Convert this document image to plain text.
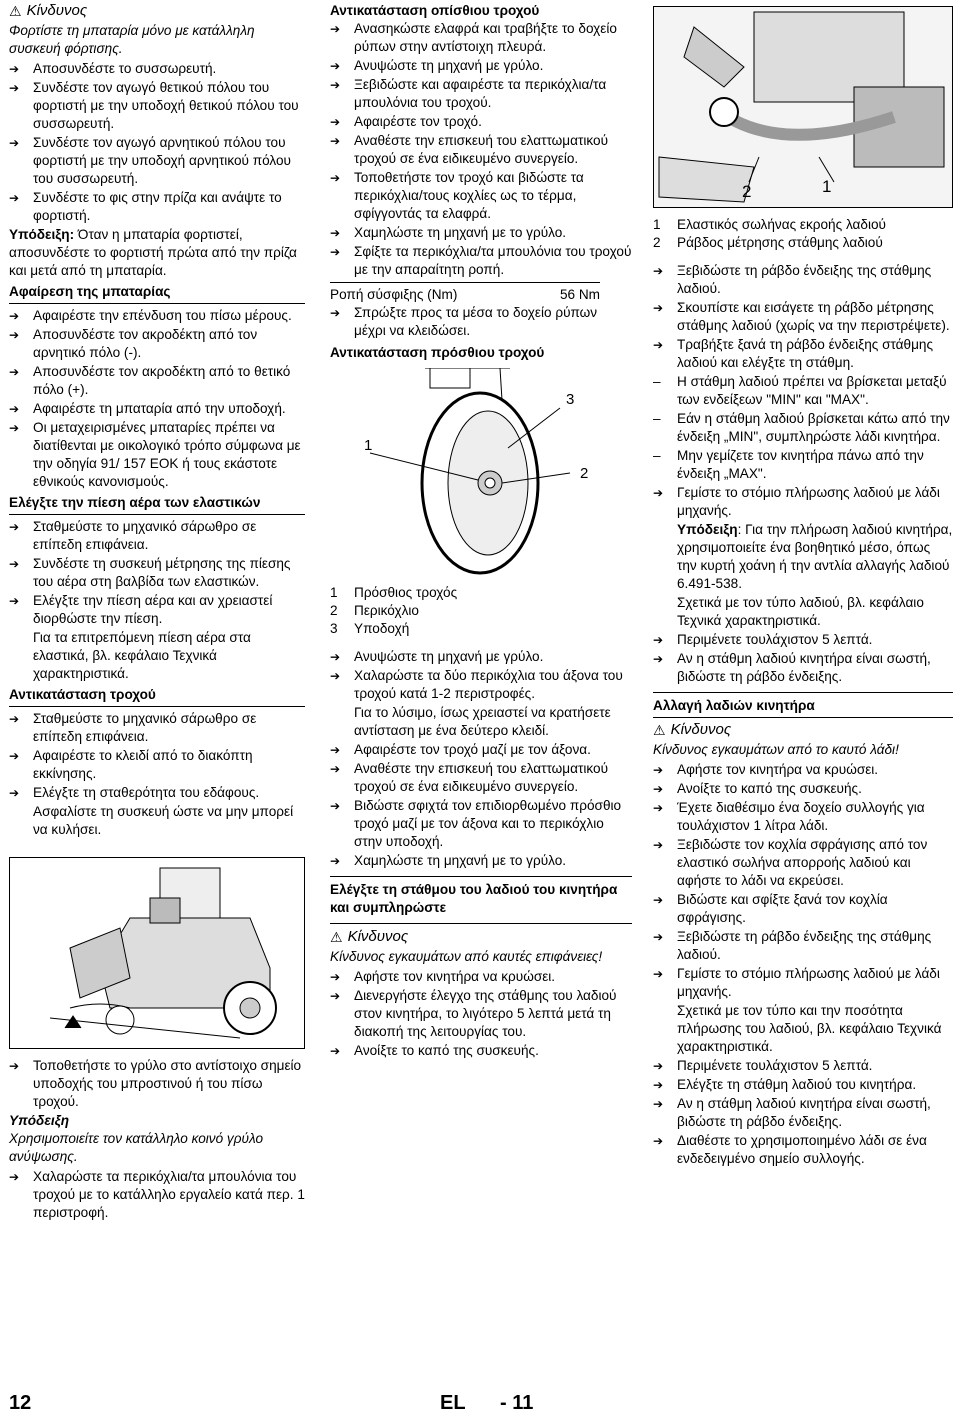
⚠ Κίνδυνος
Φορτίστε τη μπαταρία μόνο με κατάλληλη συσκευή φόρτισης.
➔	Αποσυνδέστε το συσσωρευτή.
➔	Συνδέστε τον αγωγό θετικού πόλου του φορτιστή με την υποδοχή θετικού πόλου του συσσωρευτή.
➔	Συνδέστε τον αγωγό αρνητικού πόλου του φορτιστή με την υποδοχή αρνητικού πόλου του συσσωρευτή.
➔	Συνδέστε το φις στην πρίζα και ανάψτε το φορτιστή.
Υπόδειξη: Όταν η μπαταρία φορτιστεί, αποσυνδέστε το φορτιστή πρώτα από την πρίζα και μετά από τη μπαταρία.
Αφαίρεση της μπαταρίας
➔	Αφαιρέστε την επένδυση του πίσω μέρους.
➔	Αποσυνδέστε τον ακροδέκτη από τον αρνητικό πόλο (-).
➔	Αποσυνδέστε τον ακροδέκτη από το θετικό πόλο (+).
➔	Αφαιρέστε τη μπαταρία από την υποδοχή.
➔	Οι μεταχειρισμένες μπαταρίες πρέπει να διατίθενται με οικολογικό τρόπο σύμφωνα με την οδηγία 91/ 157 ΕΟΚ ή τους εκάστοτε εθνικούς κανονισμούς.
Ελέγξτε την πίεση αέρα των ελαστικών
➔	Σταθμεύστε το μηχανικό σάρωθρο σε επίπεδη επιφάνεια.
➔	Συνδέστε τη συσκευή μέτρησης της πίεσης του αέρα στη βαλβίδα των ελαστικών.
➔	Ελέγξτε την πίεση αέρα και αν χρειαστεί διορθώστε την πίεση.
Για τα επιτρεπόμενη πίεση αέρα στα ελαστικά, βλ. κεφάλαιο Τεχνικά χαρακτηριστικά.
Αντικατάσταση τροχού
➔	Σταθμεύστε το μηχανικό σάρωθρο σε επίπεδη επιφάνεια.
➔	Αφαιρέστε το κλειδί από το διακόπτη εκκίνησης.
➔	Ελέγξτε τη σταθερότητα του εδάφους.
Ασφαλίστε τη συσκευή ώστε να μην μπορεί να κυλήσει.
➔	Τοποθετήστε το γρύλο στο αντίστοιχο σημείο υποδοχής του μπροστινού ή του πίσω τροχού.
Υπόδειξη
Χρησιμοποιείτε τον κατάλληλο κοινό γρύλο ανύψωσης.
➔	Χαλαρώστε τα περικόχλια/τα μπουλόνια του τροχού με το κατάλληλο εργαλείο κατά περ. 1 περιστροφή.
Αντικατάσταση οπίσθιου τροχού
➔	Ανασηκώστε ελαφρά και τραβήξτε το δοχείο ρύπων στην αντίστοιχη πλευρά.
➔	Ανυψώστε τη μηχανή με γρύλο.
➔	Ξεβιδώστε και αφαιρέστε τα περικόχλια/τα μπουλόνια του τροχού.
➔	Αφαιρέστε τον τροχό.
➔	Αναθέστε την επισκευή του ελαττωματικού τροχού σε ένα ειδικευμένο συνεργείο.
➔	Τοποθετήστε τον τροχό και βιδώστε τα περικόχλια/τους κοχλίες ως το τέρμα, σφίγγοντάς τα ελαφρά.
➔	Χαμηλώστε τη μηχανή με το γρύλο.
➔	Σφίξτε τα περικόχλια/τα μπουλόνια του τροχού με την απαραίτητη ροπή.
Ροπή σύσφιξης (Nm)	56 Nm
➔	Σπρώξτε προς τα μέσα το δοχείο ρύπων μέχρι να κλειδώσει.
Αντικατάσταση πρόσθιου τροχού
1
2
3
1	Πρόσθιος τροχός
2	Περικόχλιο
3	Υποδοχή
➔	Ανυψώστε τη μηχανή με γρύλο.
➔	Χαλαρώστε τα δύο περικόχλια του άξονα του τροχού κατά 1-2 περιστροφές.
Για το λύσιμο, ίσως χρειαστεί να κρατήσετε αντίσταση με ένα δεύτερο κλειδί.
➔	Αφαιρέστε τον τροχό μαζί με τον άξονα.
➔	Αναθέστε την επισκευή του ελαττωματικού τροχού σε ένα ειδικευμένο συνεργείο.
➔	Βιδώστε σφιχτά τον επιδιορθωμένο πρόσθιο τροχό μαζί με τον άξονα και το περικόχλιο στην υποδοχή.
➔	Χαμηλώστε τη μηχανή με το γρύλο.
Ελέγξτε τη στάθμου του λαδιού του κινητήρα και συμπληρώστε
⚠ Κίνδυνος
Κίνδυνος εγκαυμάτων από καυτές επιφάνειες!
➔	Αφήστε τον κινητήρα να κρυώσει.
➔	Διενεργήστε έλεγχο της στάθμης του λαδιού στον κινητήρα, το λιγότερο 5 λεπτά μετά τη διακοπή της λειτουργίας του.
➔	Ανοίξτε το καπό της συσκευής.
2	1
1	Ελαστικός σωλήνας εκροής λαδιού
2	Ράβδος μέτρησης στάθμης λαδιού
➔	Ξεβιδώστε τη ράβδο ένδειξης της στάθμης λαδιού.
➔	Σκουπίστε και εισάγετε τη ράβδο μέτρησης στάθμης λαδιού (χωρίς να την περιστρέψετε).
➔	Τραβήξτε ξανά τη ράβδο ένδειξης στάθμης λαδιού και ελέγξτε τη στάθμη.
–	Η στάθμη λαδιού πρέπει να βρίσκεται μεταξύ των ενδείξεων "MIN" και "MAX".
–	Εάν η στάθμη λαδιού βρίσκεται κάτω από την ένδειξη „MIN", συμπληρώστε λάδι κινητήρα.
–	Μην γεμίζετε τον κινητήρα πάνω από την ένδειξη „MAX".
➔	Γεμίστε το στόμιο πλήρωσης λαδιού με λάδι μηχανής.
Υπόδειξη: Για την πλήρωση λαδιού κινητήρα, χρησιμοποιείτε ένα βοηθητικό μέσο, όπως την κυρτή χοάνη ή την αντλία αλλαγής λαδιού 6.491-538.
Σχετικά με τον τύπο λαδιού, βλ. κεφάλαιο Τεχνικά χαρακτηριστικά.
➔	Περιμένετε τουλάχιστον 5 λεπτά.
➔	Αν η στάθμη λαδιού κινητήρα είναι σωστή, βιδώστε τη ράβδο ένδειξης.
Αλλαγή λαδιών κινητήρα
⚠ Κίνδυνος
Κίνδυνος εγκαυμάτων από το καυτό λάδι!
➔	Αφήστε τον κινητήρα να κρυώσει.
➔	Ανοίξτε το καπό της συσκευής.
➔	Έχετε διαθέσιμο ένα δοχείο συλλογής για τουλάχιστον 1 λίτρα λάδι.
➔	Ξεβιδώστε τον κοχλία σφράγισης από τον ελαστικό σωλήνα απορροής λαδιού και αφήστε το λάδι να εκρεύσει.
➔	Βιδώστε και σφίξτε ξανά τον κοχλία σφράγισης.
➔	Ξεβιδώστε τη ράβδο ένδειξης της στάθμης λαδιού.
➔	Γεμίστε το στόμιο πλήρωσης λαδιού με λάδι μηχανής.
Σχετικά με τον τύπο και την ποσότητα πλήρωσης του λαδιού, βλ. κεφάλαιο Τεχνικά χαρακτηριστικά.
➔	Περιμένετε τουλάχιστον 5 λεπτά.
➔	Ελέγξτε τη στάθμη λαδιού του κινητήρα.
➔	Αν η στάθμη λαδιού κινητήρα είναι σωστή, βιδώστε τη ράβδο ένδειξης.
➔	Διαθέστε το χρησιμοποιημένο λάδι σε ένα ενδεδειγμένο σημείο συλλογής.
12	EL - 11
